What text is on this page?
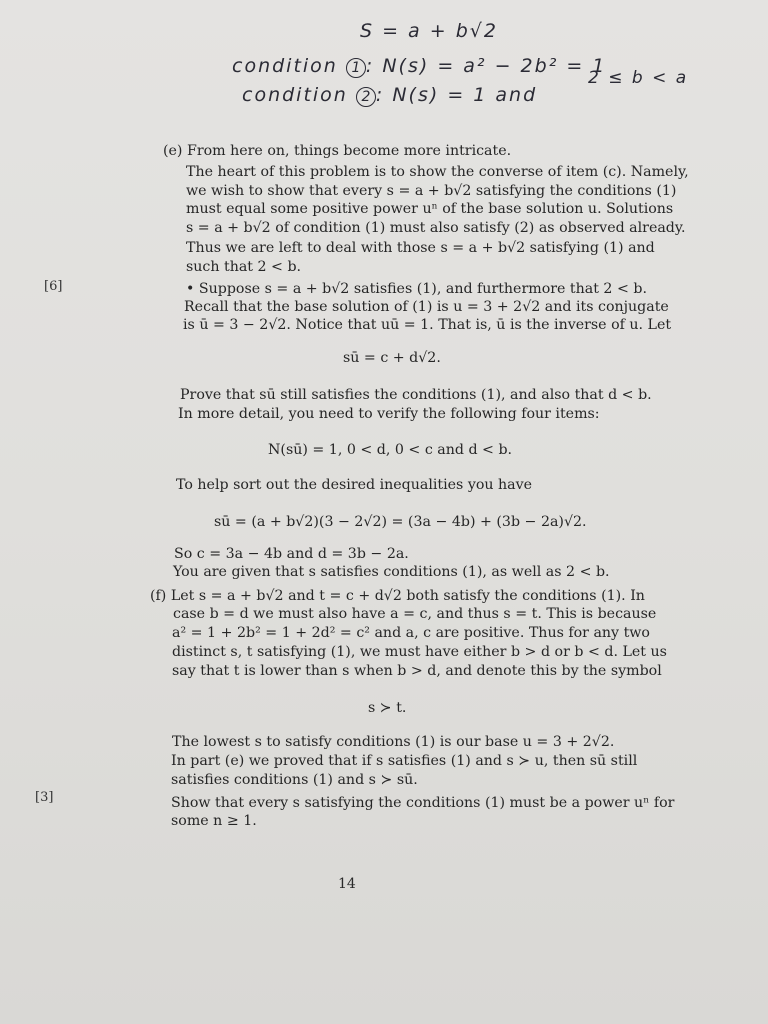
S = a + b√2
condition 1 : N(s) = a² − 2b² = 1
condition 2 : N(s) = 1 and
2 ≤ b < a
[6]
[3]
(e) From here on, things become more intricate.
The heart of this problem is to show the converse of item (c). Namely,
we wish to show that every s = a + b√2 satisfying the conditions (1)
must equal some positive power uⁿ of the base solution u. Solutions
s = a + b√2 of condition (1) must also satisfy (2) as observed already.
Thus we are left to deal with those s = a + b√2 satisfying (1) and
such that 2 < b.
• Suppose s = a + b√2 satisfies (1), and furthermore that 2 < b.
Recall that the base solution of (1) is u = 3 + 2√2 and its conjugate
is ū = 3 − 2√2. Notice that uū = 1. That is, ū is the inverse of u. Let
sū = c + d√2.
Prove that sū still satisfies the conditions (1), and also that d < b.
In more detail, you need to verify the following four items:
N(sū) = 1, 0 < d, 0 < c and d < b.
To help sort out the desired inequalities you have
sū = (a + b√2)(3 − 2√2) = (3a − 4b) + (3b − 2a)√2.
So c = 3a − 4b and d = 3b − 2a.
You are given that s satisfies conditions (1), as well as 2 < b.
(f) Let s = a + b√2 and t = c + d√2 both satisfy the conditions (1). In
case b = d we must also have a = c, and thus s = t. This is because
a² = 1 + 2b² = 1 + 2d² = c² and a, c are positive. Thus for any two
distinct s, t satisfying (1), we must have either b > d or b < d. Let us
say that t is lower than s when b > d, and denote this by the symbol
s ≻ t.
The lowest s to satisfy conditions (1) is our base u = 3 + 2√2.
In part (e) we proved that if s satisfies (1) and s ≻ u, then sū still
satisfies conditions (1) and s ≻ sū.
Show that every s satisfying the conditions (1) must be a power uⁿ for
some n ≥ 1.
14
